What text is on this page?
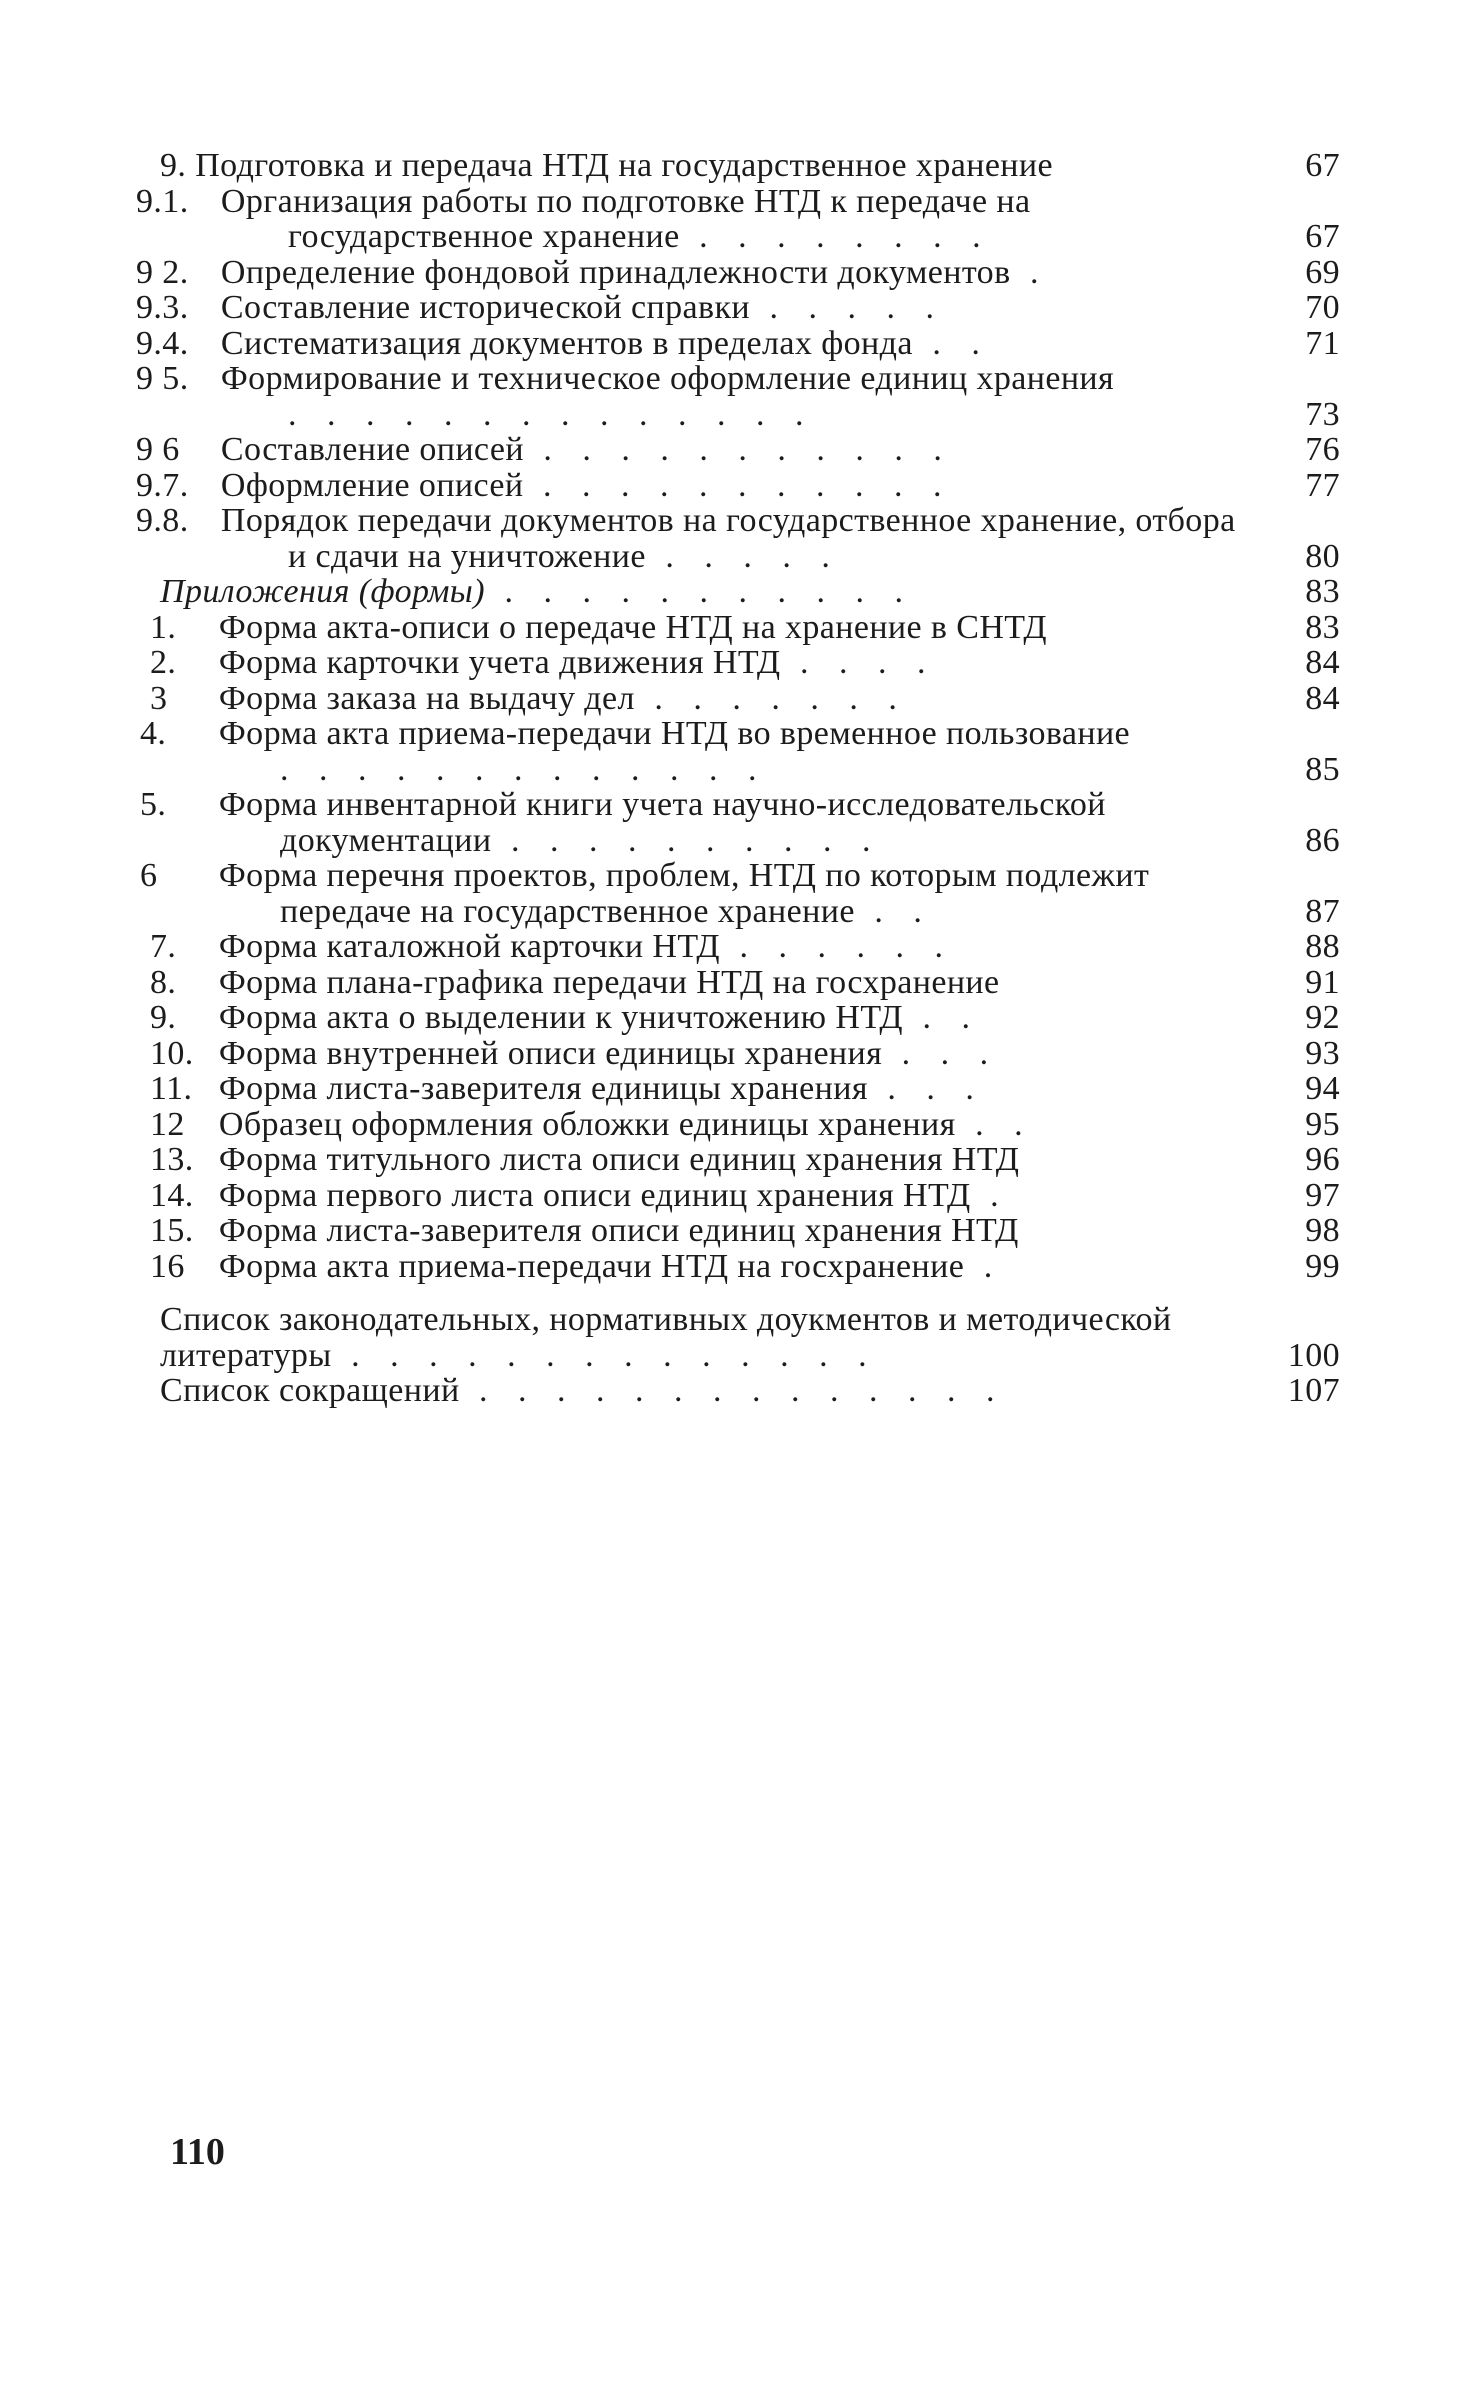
9. Подготовка и передача НТД на государственное хранение	67
9.1. Организация работы по подготовке НТД к передаче на государственное хранение . . . . . . . .	67
9 2. Определение фондовой принадлежности документов .	69
9.3. Составление исторической справки . . . . .	70
9.4. Систематизация документов в пределах фонда . .	71
9 5. Формирование и техническое оформление единиц хранения . . . . . . . . . . . . . .	73
9 6 Составление описей . . . . . . . . . . .	76
9.7. Оформление описей . . . . . . . . . . .	77
9.8. Порядок передачи документов на государственное хранение, отбора и сдачи на уничтожение . . . . .	80
Приложения (формы) . . . . . . . . . . .	83
1. Форма акта-описи о передаче НТД на хранение в СНТД	83
2. Форма карточки учета движения НТД . . . .	84
3 Форма заказа на выдачу дел . . . . . . .	84
4. Форма акта приема-передачи НТД во временное пользование . . . . . . . . . . . . .	85
5. Форма инвентарной книги учета научно-исследовательской документации . . . . . . . . . .	86
6 Форма перечня проектов, проблем, НТД по которым подлежит передаче на государственное хранение . .	87
7. Форма каталожной карточки НТД . . . . . .	88
8. Форма плана-графика передачи НТД на госхранение	91
9. Форма акта о выделении к уничтожению НТД . .	92
10. Форма внутренней описи единицы хранения . . .	93
11. Форма листа-заверителя единицы хранения . . .	94
12 Образец оформления обложки единицы хранения . .	95
13. Форма титульного листа описи единиц хранения НТД	96
14. Форма первого листа описи единиц хранения НТД .	97
15. Форма листа-заверителя описи единиц хранения НТД	98
16 Форма акта приема-передачи НТД на госхранение .	99
Список законодательных, нормативных доукментов и методической литературы . . . . . . . . . . . . . .	100
Список сокращений . . . . . . . . . . . . . .	107
110
